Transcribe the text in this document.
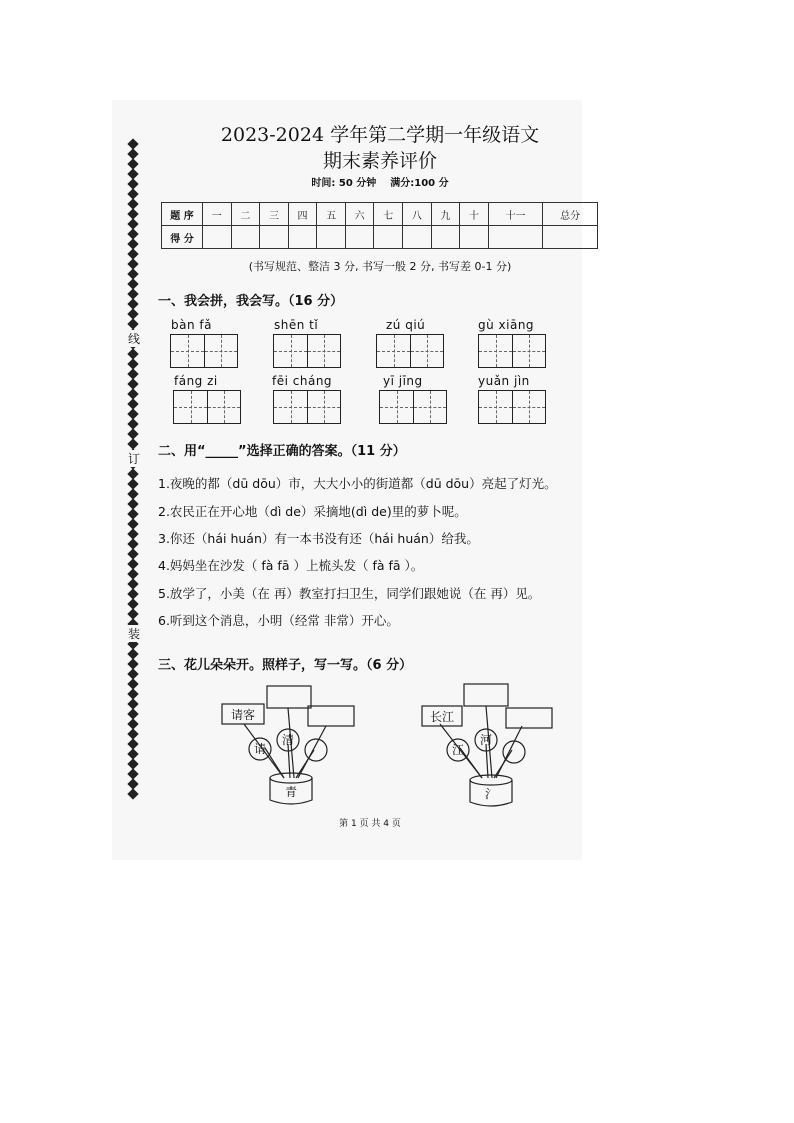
线
订
装
2023-2024 学年第二学期一年级语文
期末素养评价
时间: 50 分钟 满分:100 分
题 序	一	二	三	四	五	六	七	八	九	十	十一	总分
得 分												
(书写规范、整洁 3 分, 书写一般 2 分, 书写差 0-1 分)
一、我会拼，我会写。（16 分）
bàn fǎ	shēn tǐ	zú qiú	gù xiāng
fáng zi	fēi cháng	yī jīng	yuǎn jìn
二、用“_____”选择正确的答案。（11 分）
1.夜晚的都（dū dōu）市，大大小小的街道都（dū dōu）亮起了灯光。
2.农民正在开心地（dì de）采摘地(dì de)里的萝卜呢。
3.你还（hái huán）有一本书没有还（hái huán）给我。
4.妈妈坐在沙发（ fà fā ）上梳头发（ fà fā ）。
5.放学了，小美（在 再）教室打扫卫生，同学们跟她说（在 再）见。
6.听到这个消息，小明（经常 非常）开心。
三、花儿朵朵开。照样子，写一写。（6 分）
请客
请
清
青
长江
江
河
氵
第 1 页 共 4 页
